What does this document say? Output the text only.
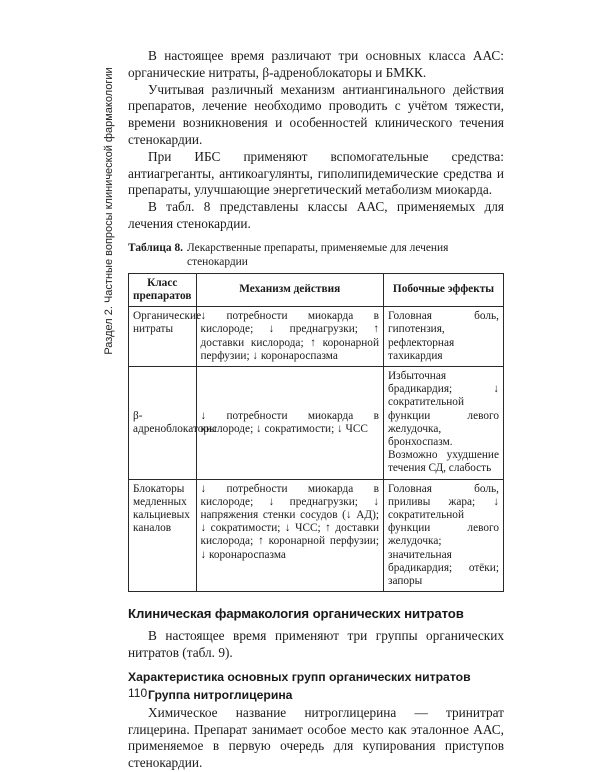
Раздел 2. Частные вопросы клинической фармакологии

В настоящее время различают три основных класса ААС: органические нитраты, β-адреноблокаторы и БМКК.

Учитывая различный механизм антиангинального действия препаратов, лечение необходимо проводить с учётом тяжести, времени возникновения и особенностей клинического течения стенокардии.

При ИБС применяют вспомогательные средства: антиагреганты, антикоагулянты, гиполипидемические средства и препараты, улучшающие энергетический метаболизм миокарда.

В табл. 8 представлены классы ААС, применяемых для лечения стенокардии.

Таблица 8. Лекарственные препараты, применяемые для лечения стенокардии
Класс препаратов	Механизм действия	Побочные эффекты
Органические нитраты	↓ потребности миокарда в кислороде; ↓ преднагрузки; ↑ доставки кислорода; ↑ коронарной перфузии; ↓ коронароспазма	Головная боль, гипотензия, рефлекторная тахикардия
β-адреноблокаторы	↓ потребности миокарда в кислороде; ↓ сократимости; ↓ ЧСС	Избыточная брадикардия; ↓ сократительной функции левого желудочка, бронхоспазм. Возможно ухудшение течения СД, слабость
Блокаторы медленных кальциевых каналов	↓ потребности миокарда в кислороде; ↓ преднагрузки; ↓ напряжения стенки сосудов (↓ АД); ↓ сократимости; ↓ ЧСС; ↑ доставки кислорода; ↑ коронарной перфузии; ↓ коронароспазма	Головная боль, приливы жара; ↓ сократительной функции левого желудочка; значительная брадикардия; отёки; запоры
Клиническая фармакология органических нитратов

В настоящее время применяют три группы органических нитратов (табл. 9).

Характеристика основных групп органических нитратов
Группа нитроглицерина

Химическое название нитроглицерина — тринитрат глицерина. Препарат занимает особое место как эталонное ААС, применяемое в первую очередь для купирования приступов стенокардии.

110
